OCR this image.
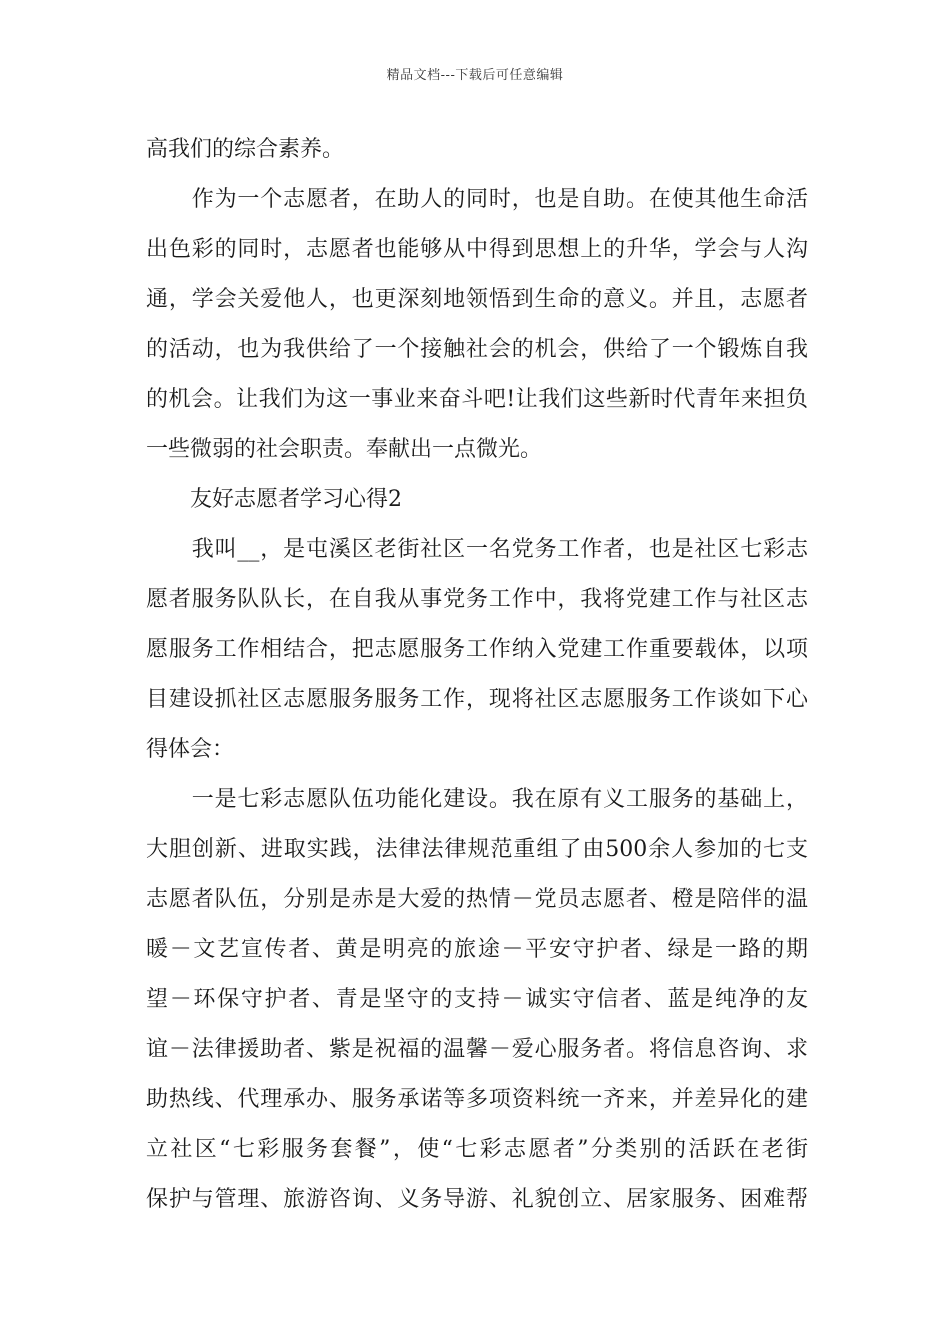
精品文档---下载后可任意编辑
高我们的综合素养。
　　作为一个志愿者，在助人的同时，也是自助。在使其他生命活
出色彩的同时，志愿者也能够从中得到思想上的升华，学会与人沟
通，学会关爱他人，也更深刻地领悟到生命的意义。并且，志愿者
的活动，也为我供给了一个接触社会的机会，供给了一个锻炼自我
的机会。让我们为这一事业来奋斗吧!让我们这些新时代青年来担负
一些微弱的社会职责。奉献出一点微光。
　　友好志愿者学习心得2
　　我叫__，是屯溪区老街社区一名党务工作者，也是社区七彩志
愿者服务队队长，在自我从事党务工作中，我将党建工作与社区志
愿服务工作相结合，把志愿服务工作纳入党建工作重要载体，以项
目建设抓社区志愿服务服务工作，现将社区志愿服务工作谈如下心
得体会：
　　一是七彩志愿队伍功能化建设。我在原有义工服务的基础上，
大胆创新、进取实践，法律法律规范重组了由500余人参加的七支
志愿者队伍，分别是赤是大爱的热情－党员志愿者、橙是陪伴的温
暖－文艺宣传者、黄是明亮的旅途－平安守护者、绿是一路的期
望－环保守护者、青是坚守的支持－诚实守信者、蓝是纯净的友
谊－法律援助者、紫是祝福的温馨－爱心服务者。将信息咨询、求
助热线、代理承办、服务承诺等多项资料统一齐来，并差异化的建
立社区“七彩服务套餐”，使“七彩志愿者”分类别的活跃在老街
保护与管理、旅游咨询、义务导游、礼貌创立、居家服务、困难帮
